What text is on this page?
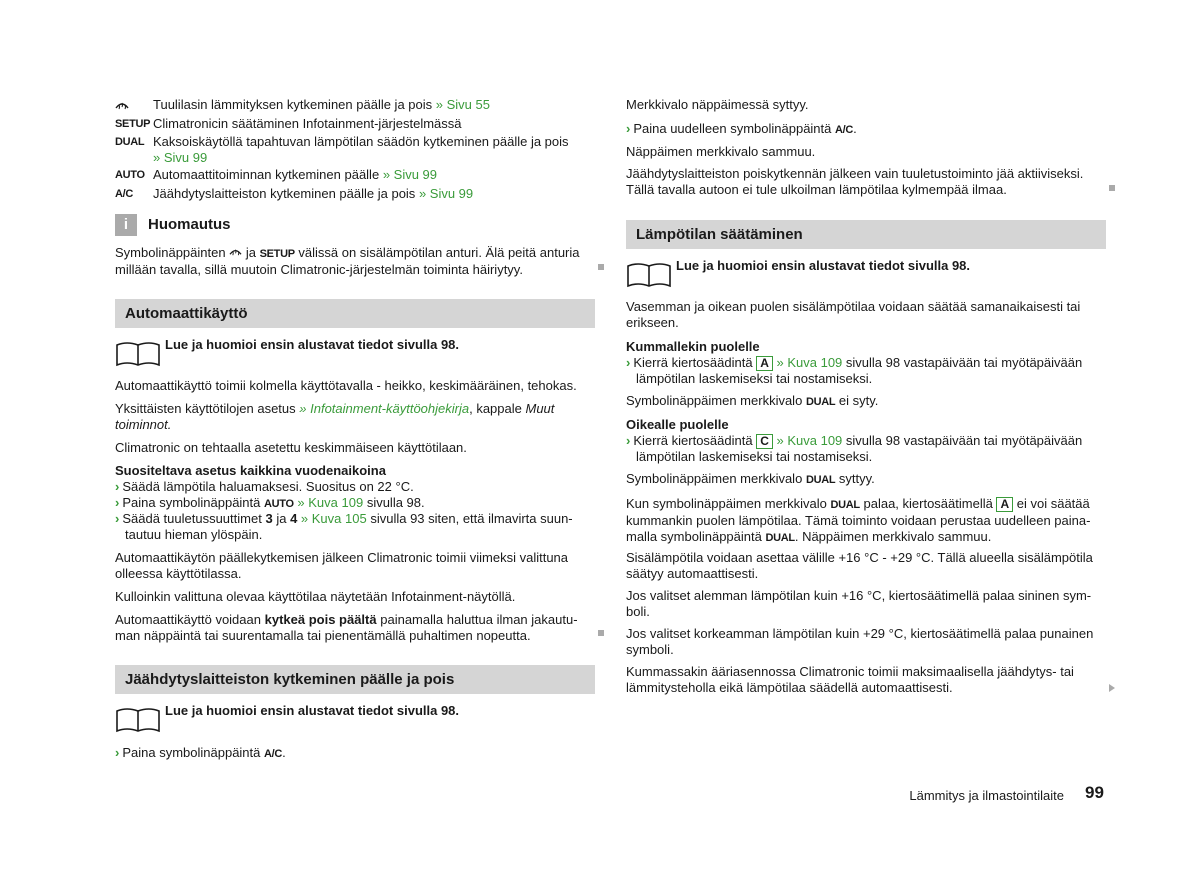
Tuulilasin lämmityksen kytkeminen päälle ja pois » Sivu 55
SETUP Climatronicin säätäminen Infotainment-järjestelmässä
DUAL Kaksoiskäytöllä tapahtuvan lämpötilan säädön kytkeminen päälle ja pois
» Sivu 99
AUTO Automaattitoiminnan kytkeminen päälle » Sivu 99
A/C	Jäähdytyslaitteiston kytkeminen päälle ja pois » Sivu 99
i	Huomautus
Symbolinäppäinten ja SETUP välissä on sisälämpötilan anturi. Älä peitä anturia millään tavalla, sillä muutoin Climatronic-järjestelmän toiminta häiriytyy.
Automaattikäyttö
Lue ja huomioi ensin alustavat tiedot sivulla 98.
Automaattikäyttö toimii kolmella käyttötavalla - heikko, keskimääräinen, tehokas.
Yksittäisten käyttötilojen asetus » Infotainment-käyttöohjekirja, kappale Muut toiminnot.
Climatronic on tehtaalla asetettu keskimmäiseen käyttötilaan.
Suositeltava asetus kaikkina vuodenaikoina
› Säädä lämpötila haluamaksesi. Suositus on 22 °C.
› Paina symbolinäppäintä AUTO » Kuva 109 sivulla 98.
› Säädä tuuletussuuttimet 3 ja 4 » Kuva 105 sivulla 93 siten, että ilmavirta suun-
tautuu hieman ylöspäin.
Automaattikäytön päällekytkemisen jälkeen Climatronic toimii viimeksi valittuna olleessa käyttötilassa.
Kulloinkin valittuna olevaa käyttötilaa näytetään Infotainment-näytöllä.
Automaattikäyttö voidaan kytkeä pois päältä painamalla haluttua ilman jakautu-
man näppäintä tai suurentamalla tai pienentämällä puhaltimen nopeutta.
Jäähdytyslaitteiston kytkeminen päälle ja pois
Lue ja huomioi ensin alustavat tiedot sivulla 98.
› Paina symbolinäppäintä A/C.
Merkkivalo näppäimessä syttyy.
› Paina uudelleen symbolinäppäintä A/C.
Näppäimen merkkivalo sammuu.
Jäähdytyslaitteiston poiskytkennän jälkeen vain tuuletustoiminto jää aktiiviseksi. Tällä tavalla autoon ei tule ulkoilman lämpötilaa kylmempää ilmaa.
Lämpötilan säätäminen
Lue ja huomioi ensin alustavat tiedot sivulla 98.
Vasemman ja oikean puolen sisälämpötilaa voidaan säätää samanaikaisesti tai erikseen.
Kummallekin puolelle
› Kierrä kiertosäädintä A » Kuva 109 sivulla 98 vastapäivään tai myötäpäivään
lämpötilan laskemiseksi tai nostamiseksi.
Symbolinäppäimen merkkivalo DUAL ei syty.
Oikealle puolelle
› Kierrä kiertosäädintä C » Kuva 109 sivulla 98 vastapäivään tai myötäpäivään
lämpötilan laskemiseksi tai nostamiseksi.
Symbolinäppäimen merkkivalo DUAL syttyy.
Kun symbolinäppäimen merkkivalo DUAL palaa, kiertosäätimellä A ei voi säätää
kummankin puolen lämpötilaa. Tämä toiminto voidaan perustaa uudelleen paina-
malla symbolinäppäintä DUAL. Näppäimen merkkivalo sammuu.
Sisälämpötila voidaan asettaa välille +16 °C - +29 °C. Tällä alueella sisälämpötila säätyy automaattisesti.
Jos valitset alemman lämpötilan kuin +16 °C, kiertosäätimellä palaa sininen sym- boli.
Jos valitset korkeamman lämpötilan kuin +29 °C, kiertosäätimellä palaa punainen symboli.
Kummassakin ääriasennossa Climatronic toimii maksimaalisella jäähdytys- tai lämmitysteholla eikä lämpötilaa säädellä automaattisesti.
Lämmitys ja ilmastointilaite 99
